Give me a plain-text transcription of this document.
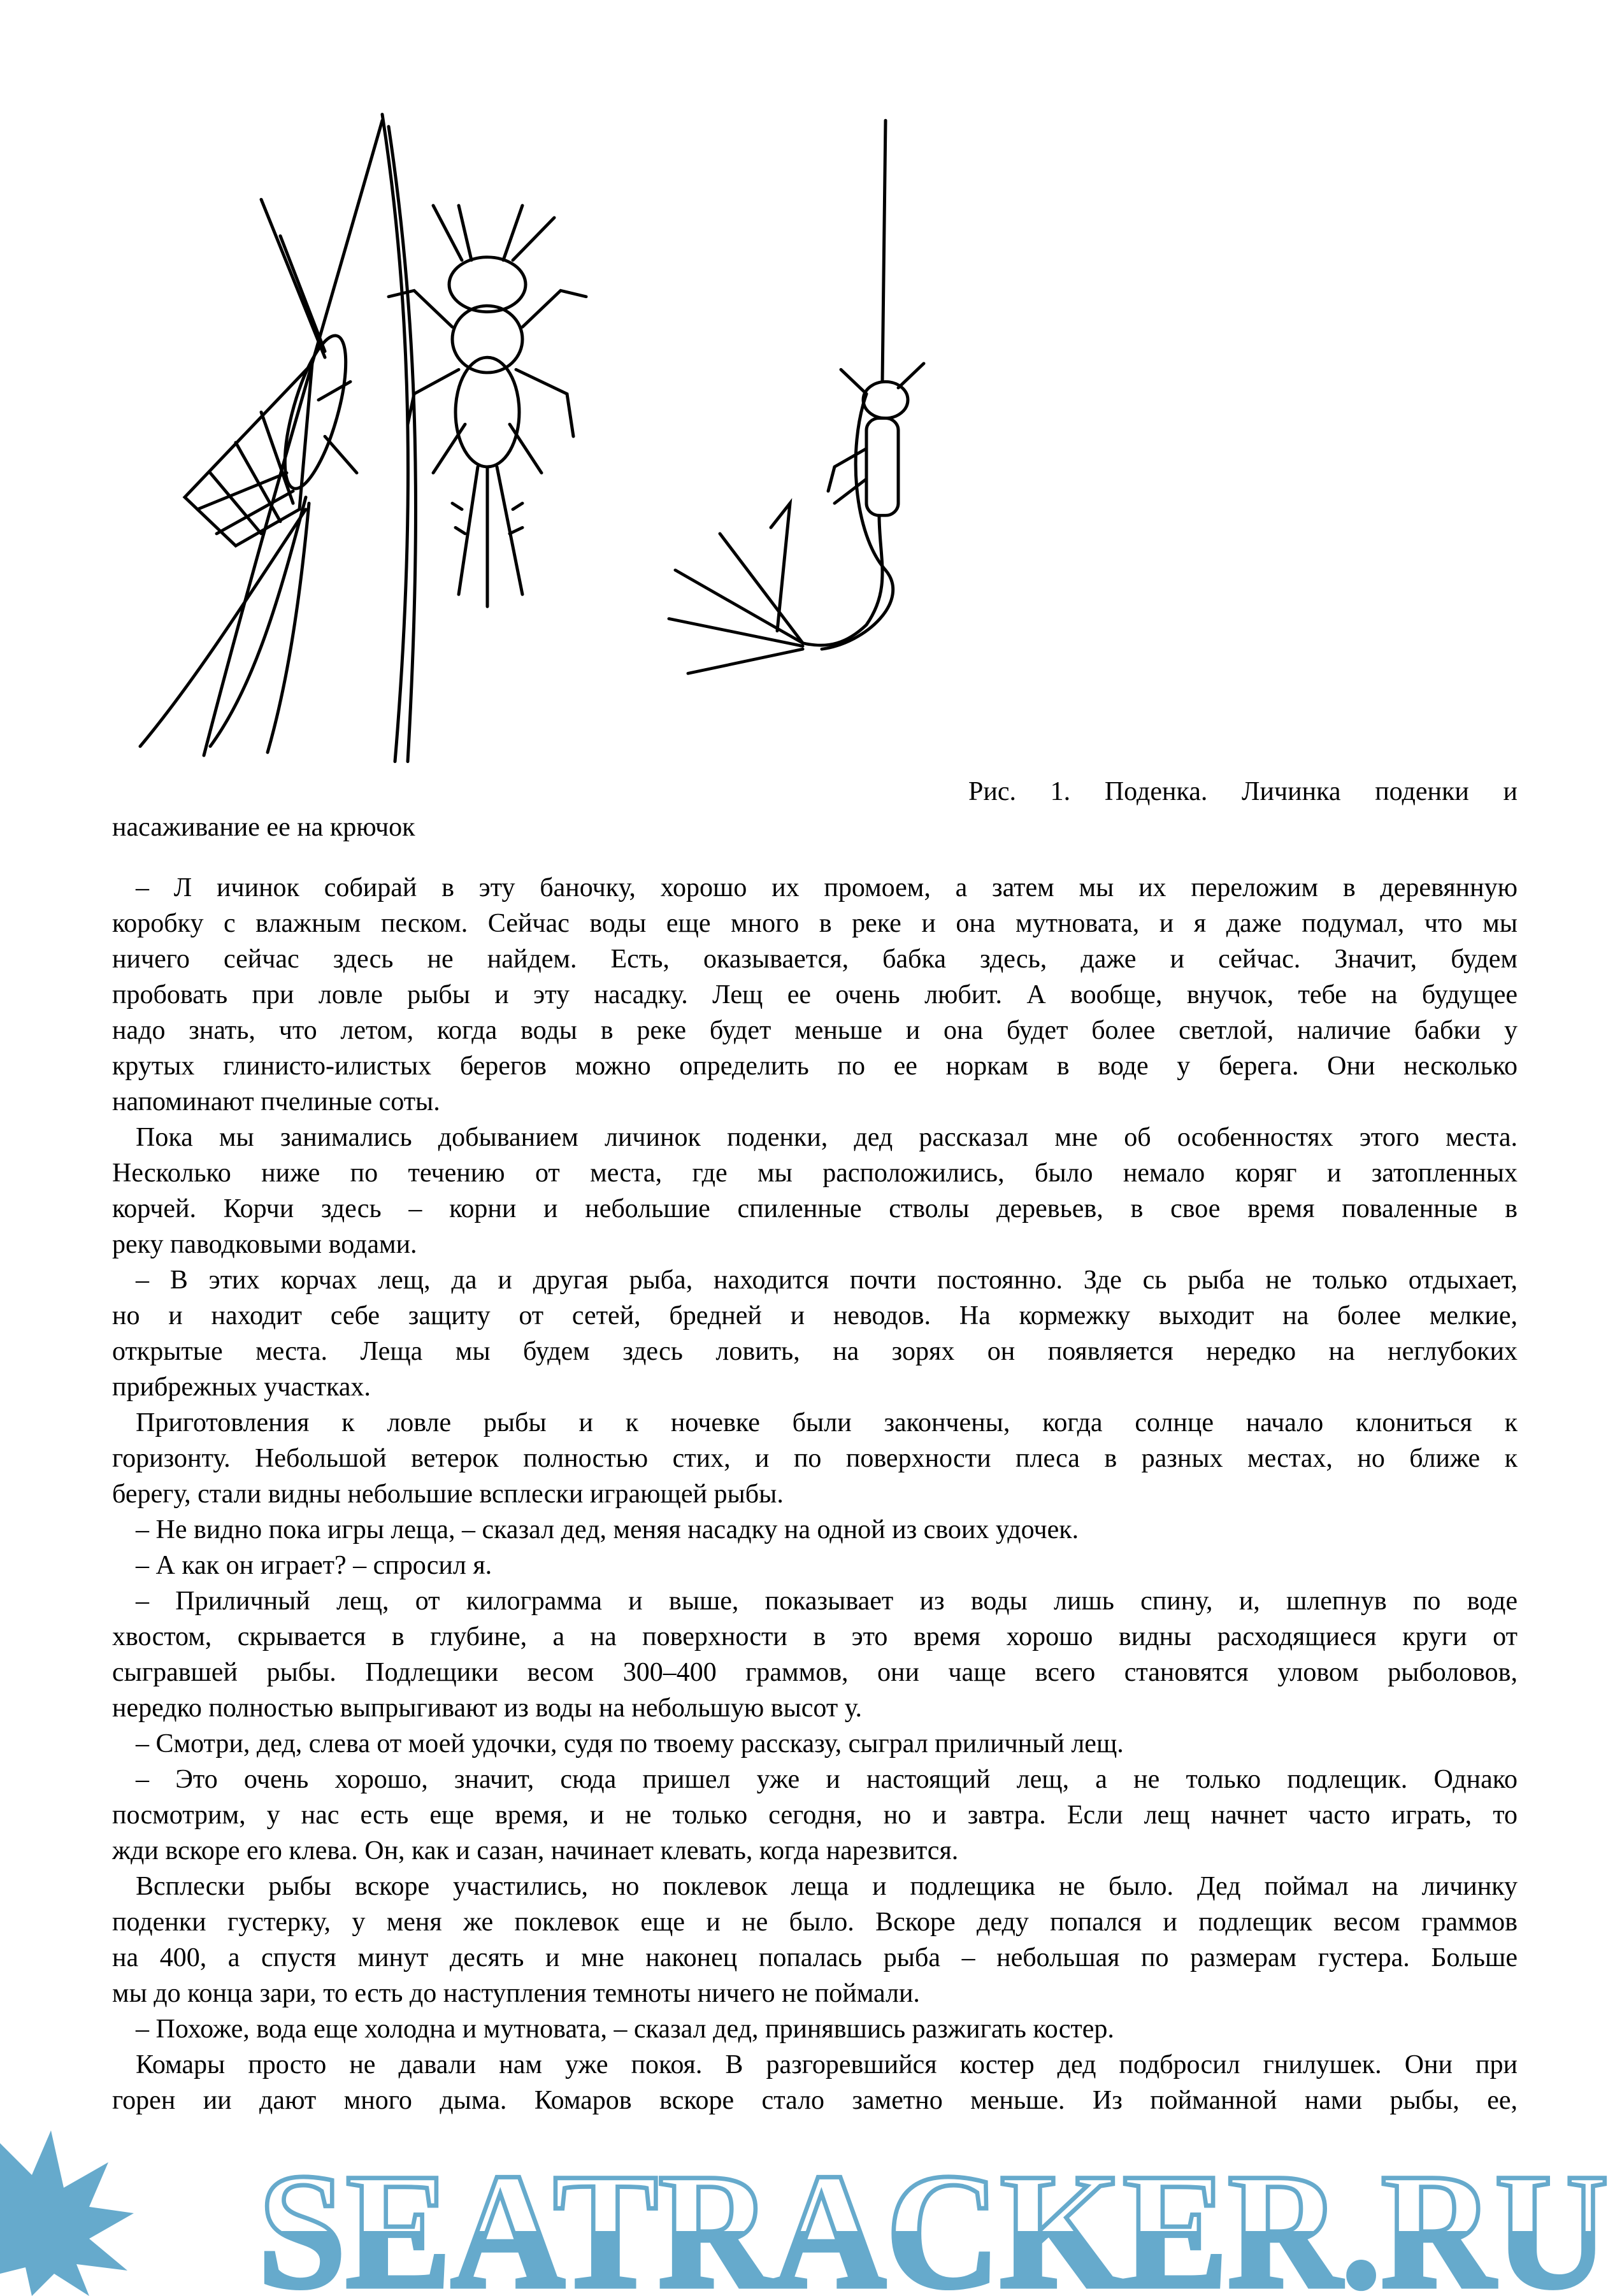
Рис. 1. Поденка. Личинка поденки и
насаживание ее на крючок
– Л ичинок собирай в эту баночку, хорошо их промоем, а затем мы их переложим в деревянную
коробку с влажным песком. Сейчас воды еще много в реке и она мутновата, и я даже подумал, что мы
ничего сейчас здесь не найдем. Есть, оказывается, бабка здесь, даже и сейчас. Значит, будем
пробовать при ловле рыбы и эту насадку. Лещ ее очень любит. А вообще, внучок, тебе на будущее
надо знать, что летом, когда воды в реке будет меньше и она будет более светлой, наличие бабки у
крутых глинисто-илистых берегов можно определить по ее норкам в воде у берега. Они несколько
напоминают пчелиные соты.
Пока мы занимались добыванием личинок поденки, дед рассказал мне об особенностях этого места.
Несколько ниже по течению от места, где мы расположились, было немало коряг и затопленных
корчей. Корчи здесь – корни и небольшие спиленные стволы деревьев, в свое время поваленные в
реку паводковыми водами.
– В этих корчах лещ, да и другая рыба, находится почти постоянно. Зде сь рыба не только отдыхает,
но и находит себе защиту от сетей, бредней и неводов. На кормежку выходит на более мелкие,
открытые места. Леща мы будем здесь ловить, на зорях он появляется нередко на неглубоких
прибрежных участках.
Приготовления к ловле рыбы и к ночевке были закончены, когда солнце начало клониться к
горизонту. Небольшой ветерок полностью стих, и по поверхности плеса в разных местах, но ближе к
берегу, стали видны небольшие всплески играющей рыбы.
– Не видно пока игры леща, – сказал дед, меняя насадку на одной из своих удочек.
– А как он играет? – спросил я.
– Приличный лещ, от килограмма и выше, показывает из воды лишь спину, и, шлепнув по воде
хвостом, скрывается в глубине, а на поверхности в это время хорошо видны расходящиеся круги от
сыгравшей рыбы. Подлещики весом 300–400 граммов, они чаще всего становятся уловом рыболовов,
нередко полностью выпрыгивают из воды на небольшую высот у.
– Смотри, дед, слева от моей удочки, судя по твоему рассказу, сыграл приличный лещ.
– Это очень хорошо, значит, сюда пришел уже и настоящий лещ, а не только подлещик. Однако
посмотрим, у нас есть еще время, и не только сегодня, но и завтра. Если лещ начнет часто играть, то
жди вскоре его клева. Он, как и сазан, начинает клевать, когда нарезвится.
Всплески рыбы вскоре участились, но поклевок леща и подлещика не было. Дед поймал на личинку
поденки густерку, у меня же поклевок еще и не было. Вскоре деду попался и подлещик весом граммов
на 400, а спустя минут десять и мне наконец попалась рыба – небольшая по размерам густера. Больше
мы до конца зари, то есть до наступления темноты ничего не поймали.
– Похоже, вода еще холодна и мутновата, – сказал дед, принявшись разжигать костер.
Комары просто не давали нам уже покоя. В разгоревшийся костер дед подбросил гнилушек. Они при
горен ии дают много дыма. Комаров вскоре стало заметно меньше. Из пойманной нами рыбы, ее,
SEATRACKER.RU
